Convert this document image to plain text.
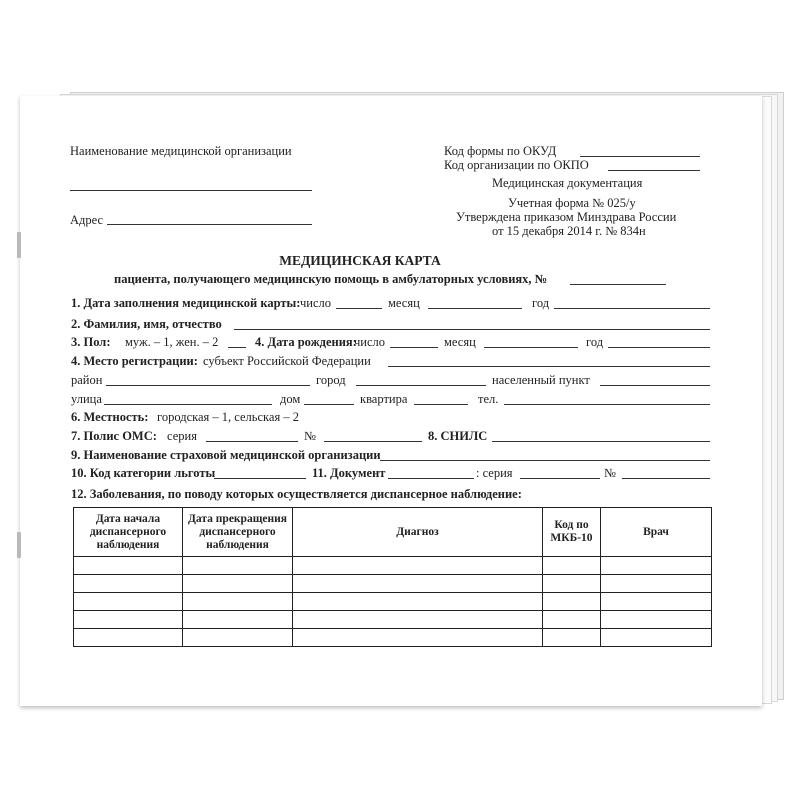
Наименование медицинской организации
Адрес
Код формы по ОКУД
Код организации по ОКПО
Медицинская документация
Учетная форма № 025/у
Утверждена приказом Минздрава России
от 15 декабря 2014 г. № 834н
МЕДИЦИНСКАЯ КАРТА
пациента, получающего медицинскую помощь в амбулаторных условиях, №
1. Дата заполнения медицинской карты: число	месяц	год
2. Фамилия, имя, отчество
3. Пол: муж. – 1, жен. – 2	4. Дата рождения:
число	месяц	год
4. Место регистрации: субъект Российской Федерации
район	город	населенный пункт
улица	дом	квартира	тел.
6. Местность: городская – 1, сельская – 2
7. Полис ОМС: серия	№	8. СНИЛС
9. Наименование страховой медицинской организации
10. Код категории льготы	11. Документ	: серия	№
12. Заболевания, по поводу которых осуществляется диспансерное наблюдение:
Дата начала диспансерного наблюдения	Дата прекращения диспансерного наблюдения	Диагноз	Код по МКБ-10	Врач
